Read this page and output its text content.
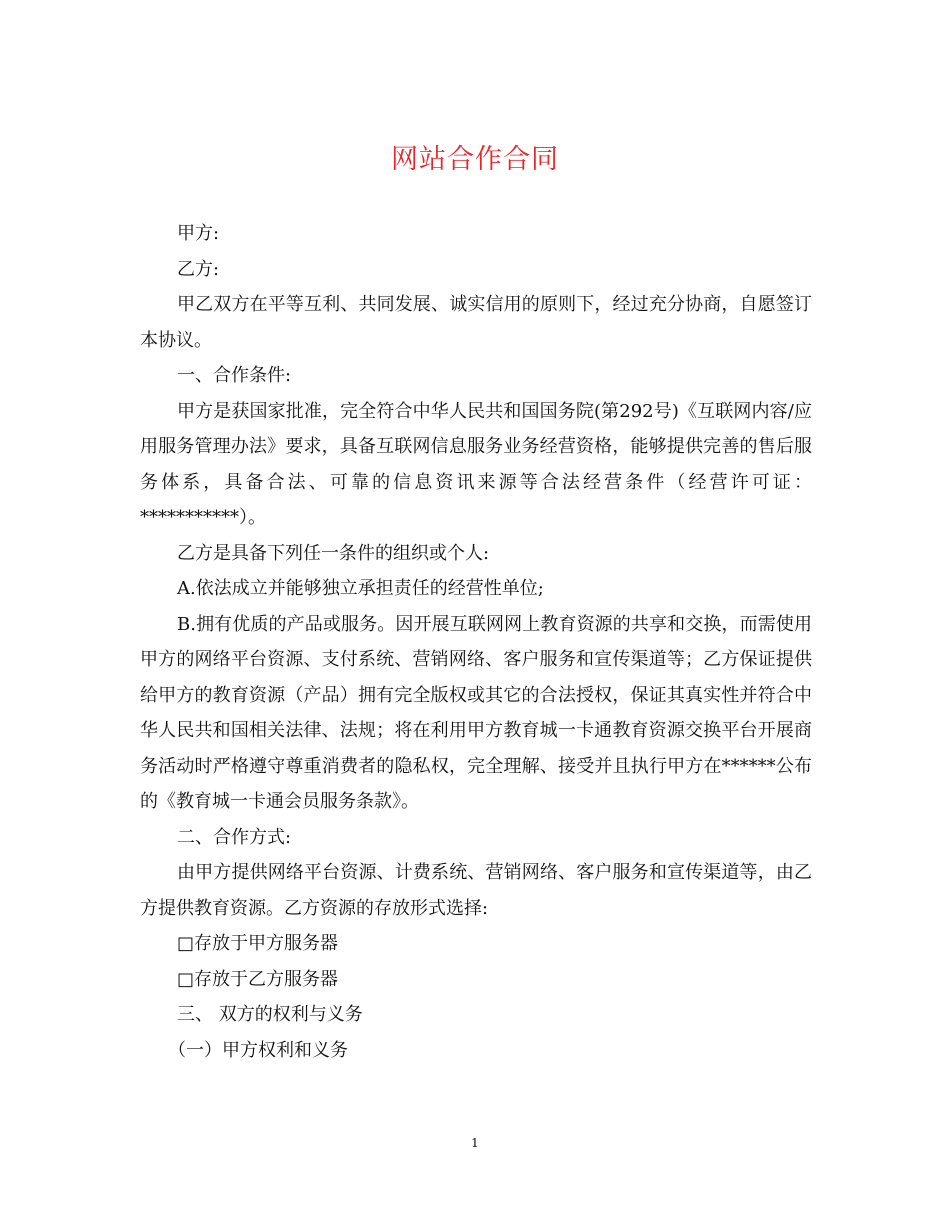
网站合作合同

甲方:

乙方:

甲乙双方在平等互利、共同发展、诚实信用的原则下，经过充分协商，自愿签订本协议。

一、合作条件:

甲方是获国家批准，完全符合中华人民共和国国务院(第292号)《互联网内容/应用服务管理办法》要求，具备互联网信息服务业务经营资格，能够提供完善的售后服务体系，具备合法、可靠的信息资讯来源等合法经营条件（经营许可证：***********）。

乙方是具备下列任一条件的组织或个人:

A.依法成立并能够独立承担责任的经营性单位;

B.拥有优质的产品或服务。因开展互联网网上教育资源的共享和交换，而需使用甲方的网络平台资源、支付系统、营销网络、客户服务和宣传渠道等；乙方保证提供给甲方的教育资源（产品）拥有完全版权或其它的合法授权，保证其真实性并符合中华人民共和国相关法律、法规；将在利用甲方教育城一卡通教育资源交换平台开展商务活动时严格遵守尊重消费者的隐私权，完全理解、接受并且执行甲方在******公布的《教育城一卡通会员服务条款》。

二、合作方式:

由甲方提供网络平台资源、计费系统、营销网络、客户服务和宣传渠道等，由乙方提供教育资源。乙方资源的存放形式选择:

□存放于甲方服务器

□存放于乙方服务器

三、 双方的权利与义务

（一）甲方权利和义务

1
